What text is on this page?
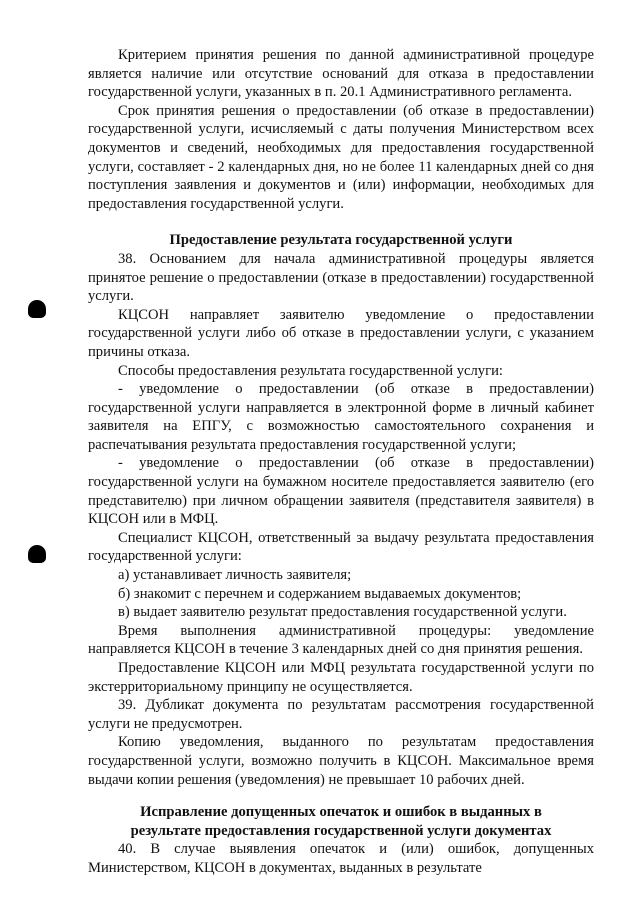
Критерием принятия решения по данной административной процедуре является наличие или отсутствие оснований для отказа в предоставлении государственной услуги, указанных в п. 20.1 Административного регламента.

Срок принятия решения о предоставлении (об отказе в предоставлении) государственной услуги, исчисляемый с даты получения Министерством всех документов и сведений, необходимых для предоставления государственной услуги, составляет - 2 календарных дня, но не более 11 календарных дней со дня поступления заявления и документов и (или) информации, необходимых для предоставления государственной услуги.

Предоставление результата государственной услуги

38. Основанием для начала административной процедуры является принятое решение о предоставлении (отказе в предоставлении) государственной услуги.

КЦСОН направляет заявителю уведомление о предоставлении государственной услуги либо об отказе в предоставлении услуги, с указанием причины отказа.

Способы предоставления результата государственной услуги:

- уведомление о предоставлении (об отказе в предоставлении) государственной услуги направляется в электронной форме в личный кабинет заявителя на ЕПГУ, с возможностью самостоятельного сохранения и распечатывания результата предоставления государственной услуги;

- уведомление о предоставлении (об отказе в предоставлении) государственной услуги на бумажном носителе предоставляется заявителю (его представителю) при личном обращении заявителя (представителя заявителя) в КЦСОН или в МФЦ.

Специалист КЦСОН, ответственный за выдачу результата предоставления государственной услуги:

а) устанавливает личность заявителя;

б) знакомит с перечнем и содержанием выдаваемых документов;

в) выдает заявителю результат предоставления государственной услуги.

Время выполнения административной процедуры: уведомление направляется КЦСОН в течение 3 календарных дней со дня принятия решения.

Предоставление КЦСОН или МФЦ результата государственной услуги по экстерриториальному принципу не осуществляется.

39. Дубликат документа по результатам рассмотрения государственной услуги не предусмотрен.

Копию уведомления, выданного по результатам предоставления государственной услуги, возможно получить в КЦСОН. Максимальное время выдачи копии решения (уведомления) не превышает 10 рабочих дней.

Исправление допущенных опечаток и ошибок в выданных в

результате предоставления государственной услуги документах

40. В случае выявления опечаток и (или) ошибок, допущенных Министерством, КЦСОН в документах, выданных в результате
